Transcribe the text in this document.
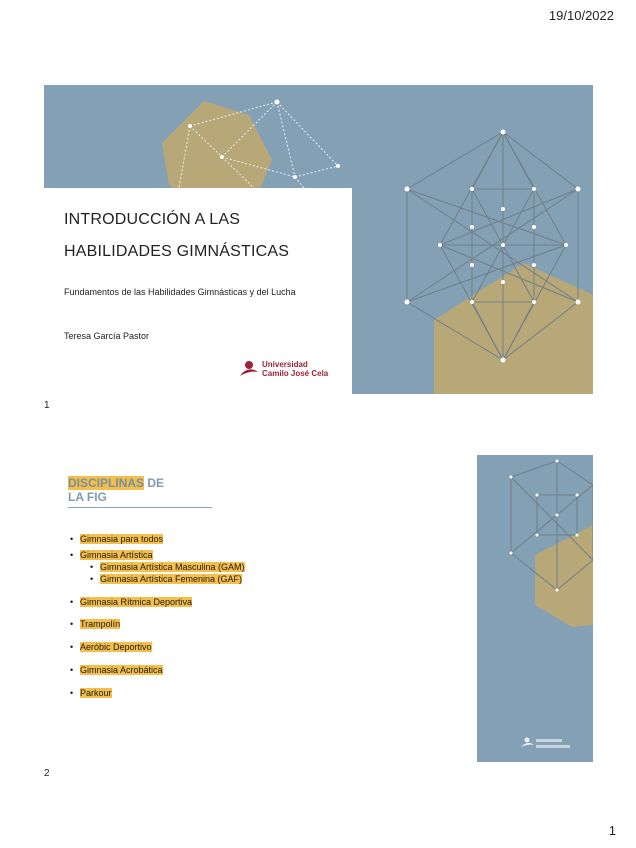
19/10/2022
INTRODUCCIÓN A LAS
HABILIDADES GIMNÁSTICAS
Fundamentos de las Habilidades Gimnásticas y del Lucha
Teresa García Pastor
Universidad
Camilo José Cela
1
DISCIPLINAS DE
LA FIG
• Gimnasia para todos
• Gimnasia Artística
• Gimnasia Artística Masculina (GAM)
• Gimnasia Artística Femenina (GAF)
• Gimnasia Rítmica Deportiva
• Trampolín
• Aeróbic Deportivo
• Gimnasia Acrobática
• Parkour
2
1
